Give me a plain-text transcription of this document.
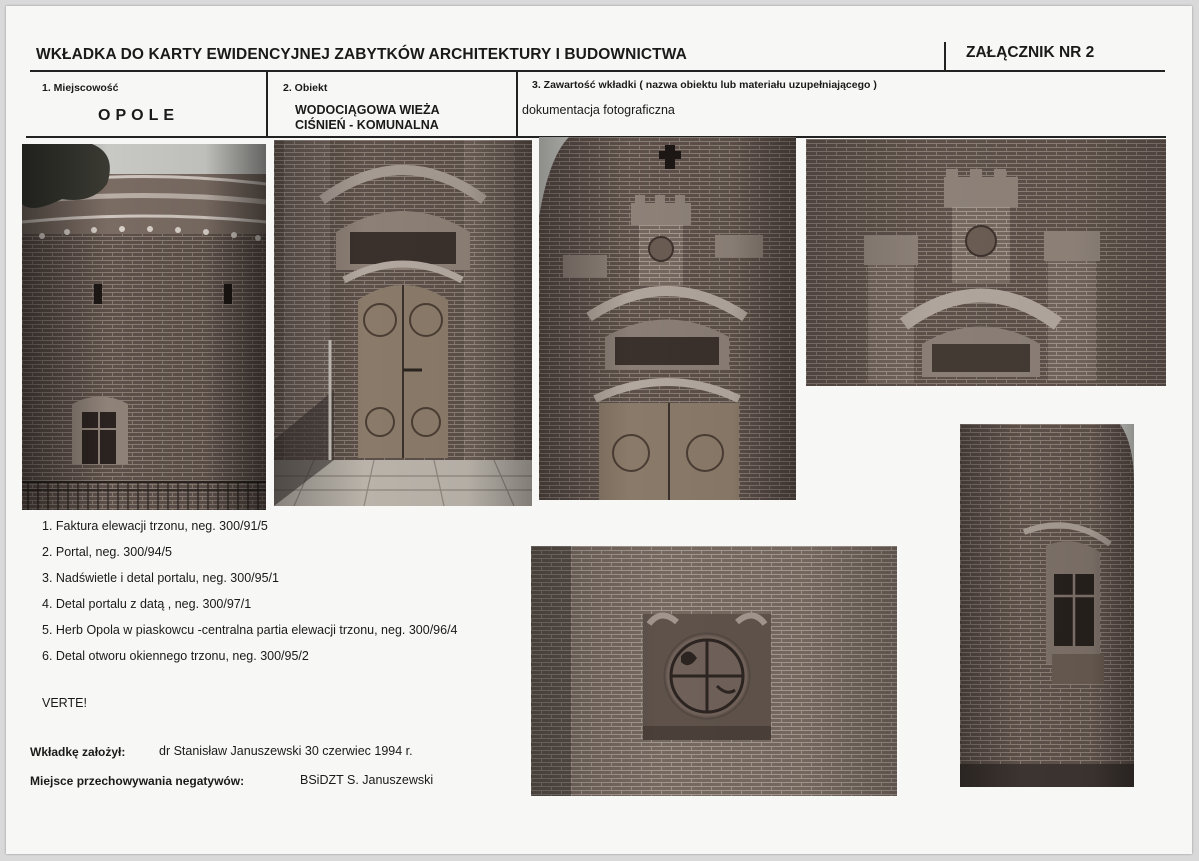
WKŁADKA DO KARTY EWIDENCYJNEJ ZABYTKÓW ARCHITEKTURY I BUDOWNICTWA	ZAŁĄCZNIK NR 2
1. Miejscowość
OPOLE
2. Obiekt
WODOCIĄGOWA WIEŻA
CIŚNIEŃ - KOMUNALNA
3. Zawartość wkładki ( nazwa obiektu lub materiału uzupełniającego )
dokumentacja fotograficzna
1. Faktura elewacji trzonu, neg. 300/91/5
2. Portal, neg. 300/94/5
3. Nadświetle i detal portalu, neg. 300/95/1
4. Detal portalu z datą , neg. 300/97/1
5. Herb Opola w piaskowcu -centralna partia elewacji trzonu, neg. 300/96/4
6. Detal otworu okiennego trzonu, neg. 300/95/2
VERTE!
Wkładkę założył:	dr Stanisław Januszewski 30 czerwiec 1994 r.
Miejsce przechowywania negatywów:	BSiDZT S. Januszewski
